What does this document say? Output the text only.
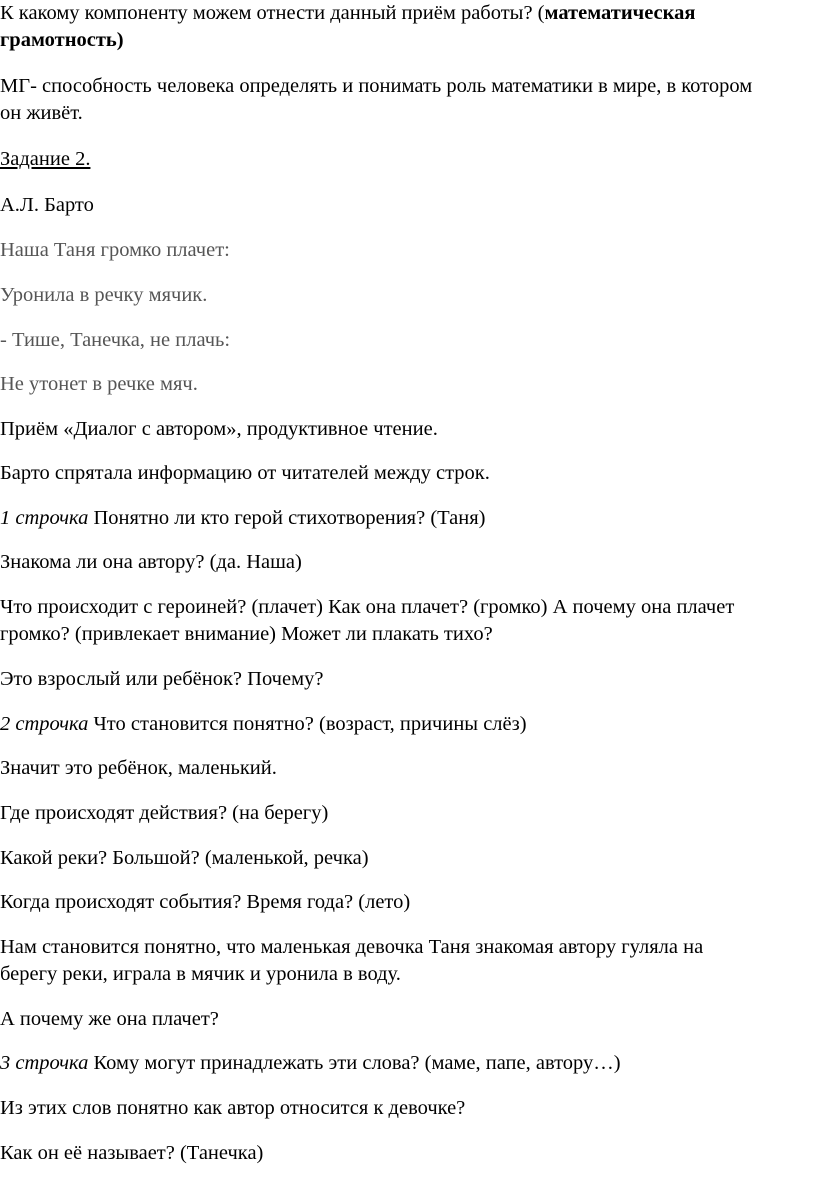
К какому компоненту можем отнести данный приём работы? (математическая
грамотность)

МГ- способность человека определять и понимать роль математики в мире, в котором
он живёт.

Задание 2.

А.Л. Барто

Наша Таня громко плачет:

Уронила в речку мячик.

- Тише, Танечка, не плачь:

Не утонет в речке мяч.

Приём «Диалог с автором», продуктивное чтение.

Барто спрятала информацию от читателей между строк.

1 строчка Понятно ли кто герой стихотворения? (Таня)

Знакома ли она автору? (да. Наша)

Что происходит с героиней? (плачет) Как она плачет? (громко) А почему она плачет
громко? (привлекает внимание) Может ли плакать тихо?

Это взрослый или ребёнок? Почему?

2 строчка Что становится понятно? (возраст, причины слёз)

Значит это ребёнок, маленький.

Где происходят действия? (на берегу)

Какой реки? Большой? (маленькой, речка)

Когда происходят события? Время года? (лето)

Нам становится понятно, что маленькая девочка Таня знакомая автору гуляла на
берегу реки, играла в мячик и уронила в воду.

А почему же она плачет?

3 строчка Кому могут принадлежать эти слова? (маме, папе, автору…)

Из этих слов понятно как автор относится к девочке?

Как он её называет? (Танечка)
